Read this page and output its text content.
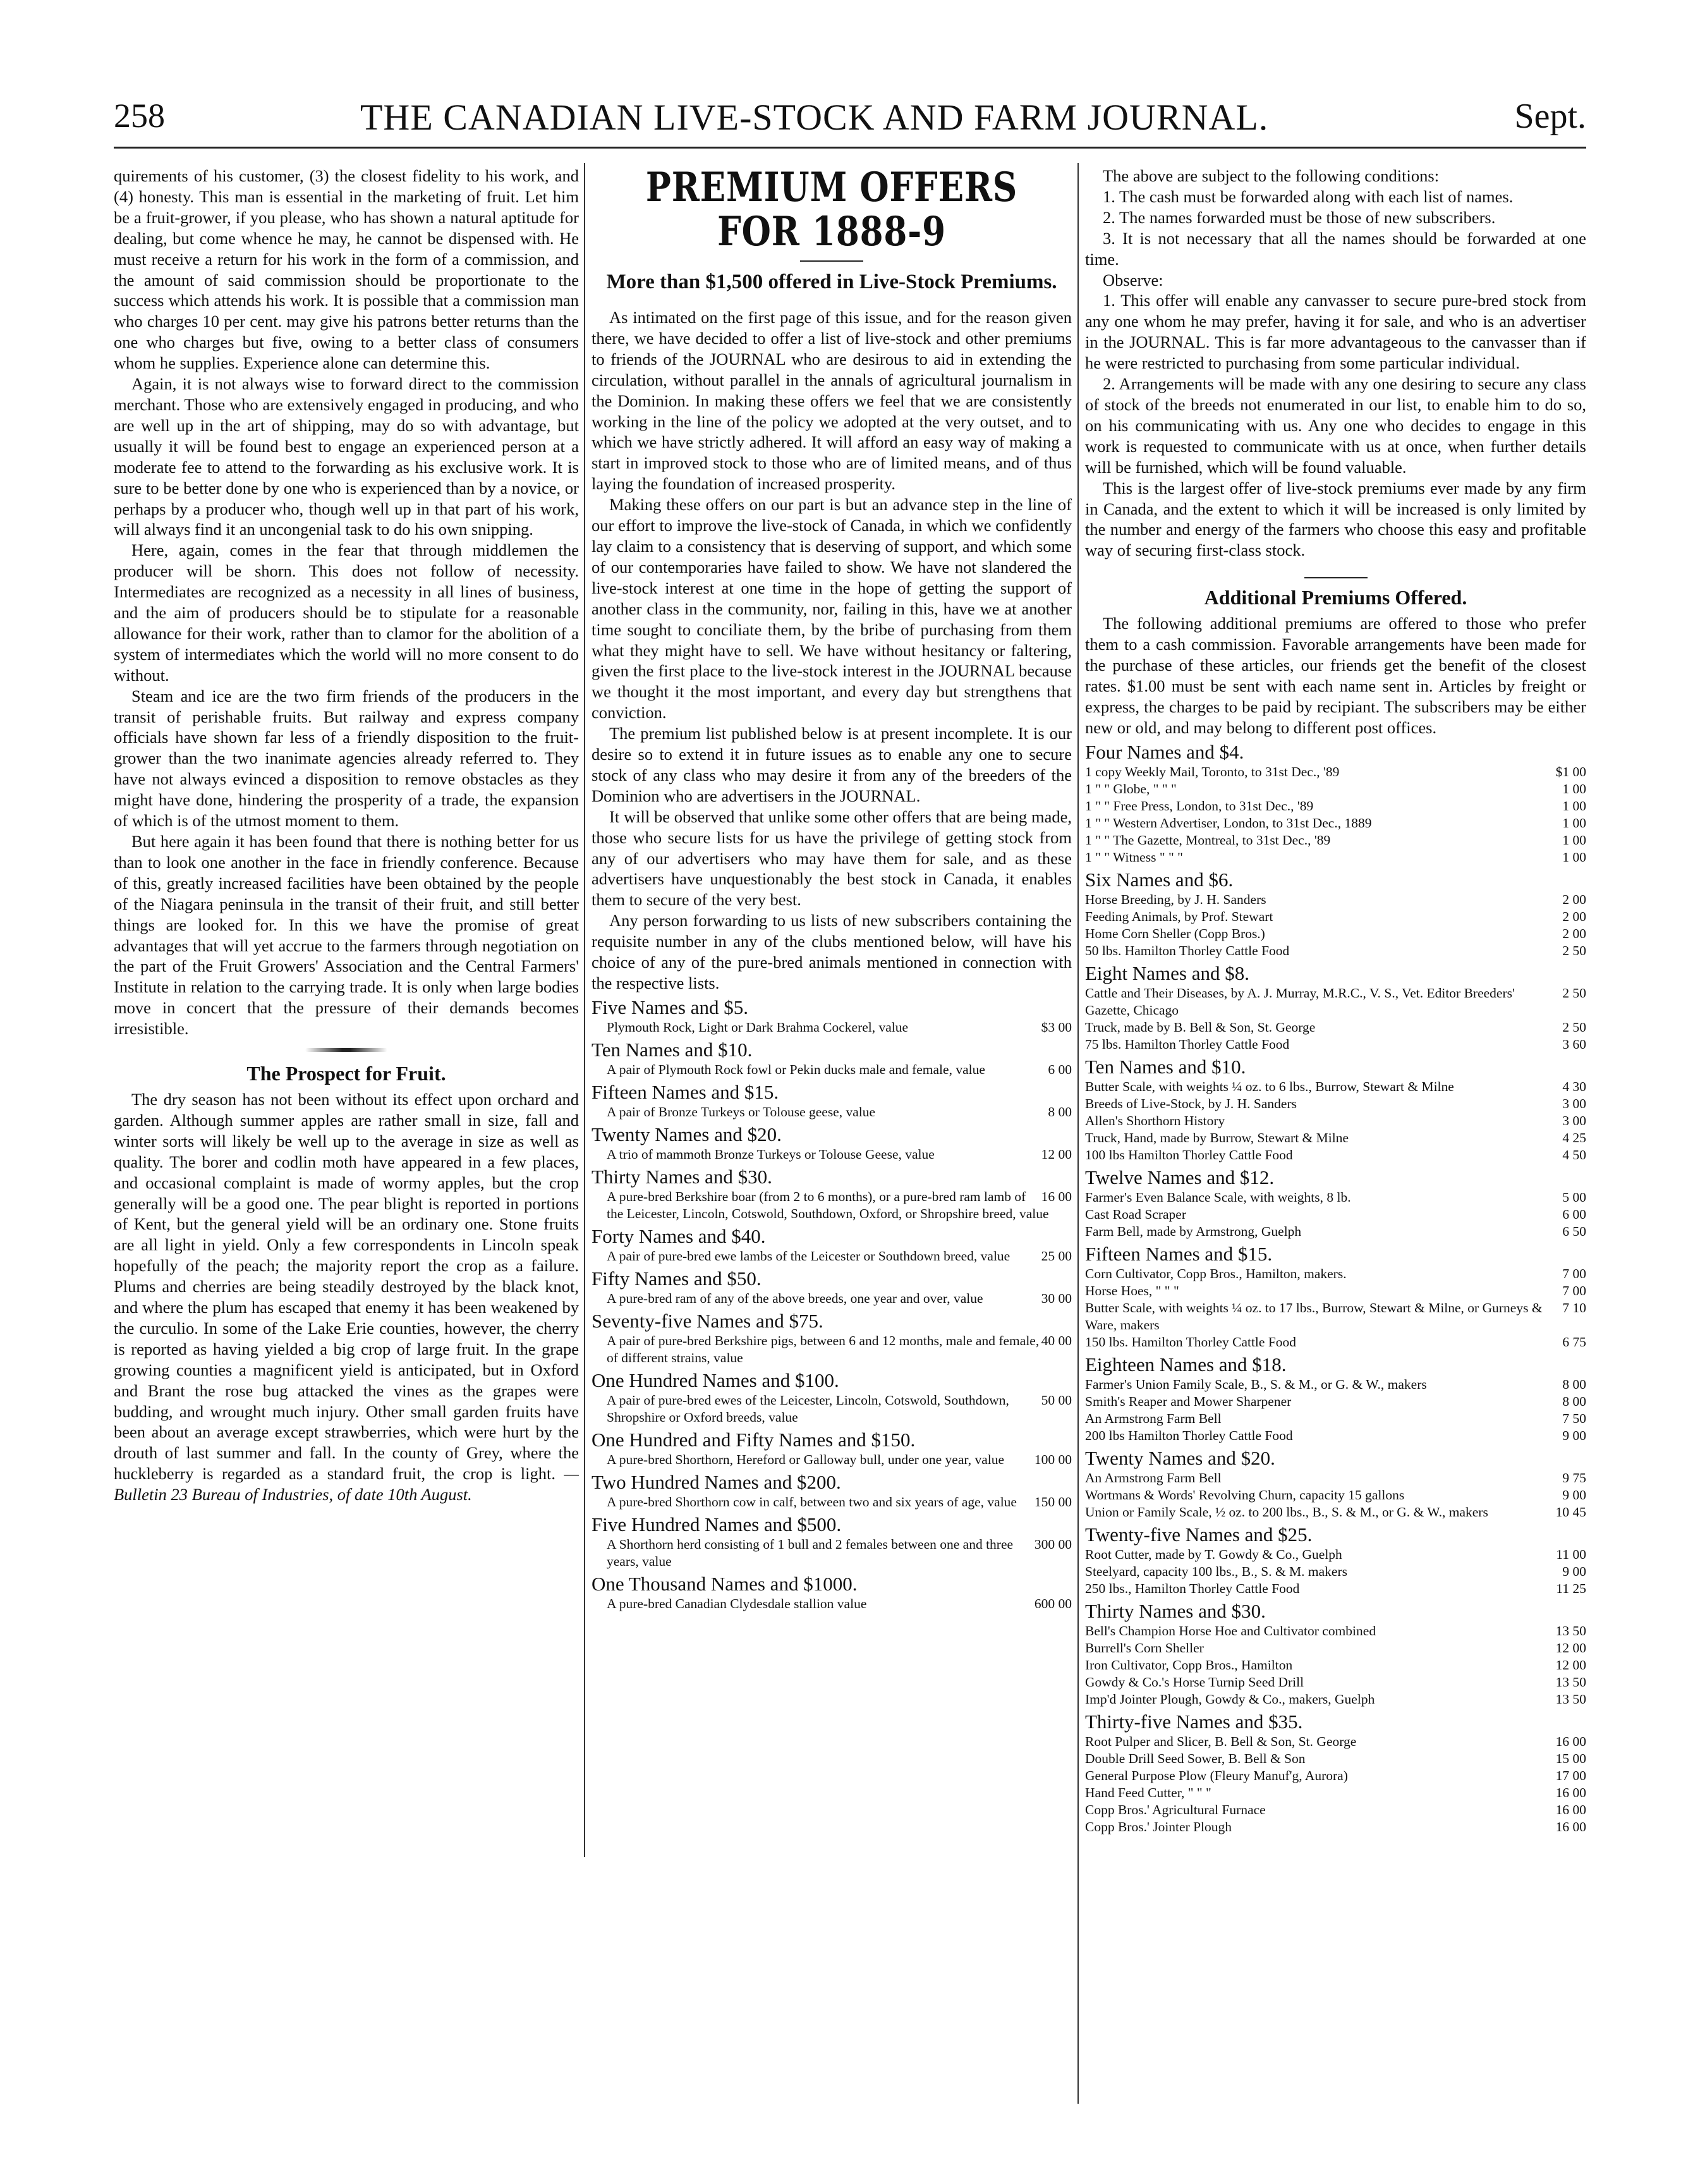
258	THE CANADIAN LIVE-STOCK AND FARM JOURNAL.	Sept.

quirements of his customer, (3) the closest fidelity to his work, and (4) honesty. This man is essential in the marketing of fruit. Let him be a fruit-grower, if you please, who has shown a natural aptitude for dealing, but come whence he may, he cannot be dispensed with. He must receive a return for his work in the form of a commission, and the amount of said commission should be proportionate to the success which attends his work. It is possible that a commission man who charges 10 per cent. may give his patrons better returns than the one who charges but five, owing to a better class of consumers whom he supplies. Experience alone can determine this.

Again, it is not always wise to forward direct to the commission merchant. Those who are extensively engaged in producing, and who are well up in the art of shipping, may do so with advantage, but usually it will be found best to engage an experienced person at a moderate fee to attend to the forwarding as his exclusive work. It is sure to be better done by one who is experienced than by a novice, or perhaps by a producer who, though well up in that part of his work, will always find it an uncongenial task to do his own snipping.

Here, again, comes in the fear that through middlemen the producer will be shorn. This does not follow of necessity. Intermediates are recognized as a necessity in all lines of business, and the aim of producers should be to stipulate for a reasonable allowance for their work, rather than to clamor for the abolition of a system of intermediates which the world will no more consent to do without.

Steam and ice are the two firm friends of the producers in the transit of perishable fruits. But railway and express company officials have shown far less of a friendly disposition to the fruit-grower than the two inanimate agencies already referred to. They have not always evinced a disposition to remove obstacles as they might have done, hindering the prosperity of a trade, the expansion of which is of the utmost moment to them.

But here again it has been found that there is nothing better for us than to look one another in the face in friendly conference. Because of this, greatly increased facilities have been obtained by the people of the Niagara peninsula in the transit of their fruit, and still better things are looked for. In this we have the promise of great advantages that will yet accrue to the farmers through negotiation on the part of the Fruit Growers' Association and the Central Farmers' Institute in relation to the carrying trade. It is only when large bodies move in concert that the pressure of their demands becomes irresistible.

The Prospect for Fruit.

The dry season has not been without its effect upon orchard and garden. Although summer apples are rather small in size, fall and winter sorts will likely be well up to the average in size as well as quality. The borer and codlin moth have appeared in a few places, and occasional complaint is made of wormy apples, but the crop generally will be a good one. The pear blight is reported in portions of Kent, but the general yield will be an ordinary one. Stone fruits are all light in yield. Only a few correspondents in Lincoln speak hopefully of the peach; the majority report the crop as a failure. Plums and cherries are being steadily destroyed by the black knot, and where the plum has escaped that enemy it has been weakened by the curculio. In some of the Lake Erie counties, however, the cherry is reported as having yielded a big crop of large fruit. In the grape growing counties a magnificent yield is anticipated, but in Oxford and Brant the rose bug attacked the vines as the grapes were budding, and wrought much injury. Other small garden fruits have been about an average except strawberries, which were hurt by the drouth of last summer and fall. In the county of Grey, where the huckleberry is regarded as a standard fruit, the crop is light. —Bulletin 23 Bureau of Industries, of date 10th August.

PREMIUM OFFERS FOR 1888-9
More than $1,500 offered in Live-Stock Premiums.

As intimated on the first page of this issue, and for the reason given there, we have decided to offer a list of live-stock and other premiums to friends of the JOURNAL who are desirous to aid in extending the circulation, without parallel in the annals of agricultural journalism in the Dominion. In making these offers we feel that we are consistently working in the line of the policy we adopted at the very outset, and to which we have strictly adhered. It will afford an easy way of making a start in improved stock to those who are of limited means, and of thus laying the foundation of increased prosperity.

Making these offers on our part is but an advance step in the line of our effort to improve the live-stock of Canada, in which we confidently lay claim to a consistency that is deserving of support, and which some of our contemporaries have failed to show. We have not slandered the live-stock interest at one time in the hope of getting the support of another class in the community, nor, failing in this, have we at another time sought to conciliate them, by the bribe of purchasing from them what they might have to sell. We have without hesitancy or faltering, given the first place to the live-stock interest in the JOURNAL because we thought it the most important, and every day but strengthens that conviction.

The premium list published below is at present incomplete. It is our desire so to extend it in future issues as to enable any one to secure stock of any class who may desire it from any of the breeders of the Dominion who are advertisers in the JOURNAL.

It will be observed that unlike some other offers that are being made, those who secure lists for us have the privilege of getting stock from any of our advertisers who may have them for sale, and as these advertisers have unquestionably the best stock in Canada, it enables them to secure of the very best.

Any person forwarding to us lists of new subscribers containing the requisite number in any of the clubs mentioned below, will have his choice of any of the pure-bred animals mentioned in connection with the respective lists.

Five Names and $5.
$3 00
Plymouth Rock, Light or Dark Brahma Cockerel, value
Ten Names and $10.
6 00
A pair of Plymouth Rock fowl or Pekin ducks male and female, value
Fifteen Names and $15.
8 00
A pair of Bronze Turkeys or Tolouse geese, value
Twenty Names and $20.
12 00
A trio of mammoth Bronze Turkeys or Tolouse Geese, value
Thirty Names and $30.
16 00
A pure-bred Berkshire boar (from 2 to 6 months), or a pure-bred ram lamb of the Leicester, Lincoln, Cotswold, Southdown, Oxford, or Shropshire breed, value
Forty Names and $40.
25 00
A pair of pure-bred ewe lambs of the Leicester or Southdown breed, value
Fifty Names and $50.
30 00
A pure-bred ram of any of the above breeds, one year and over, value
Seventy-five Names and $75.
40 00
A pair of pure-bred Berkshire pigs, between 6 and 12 months, male and female, of different strains, value
One Hundred Names and $100.
50 00
A pair of pure-bred ewes of the Leicester, Lincoln, Cotswold, Southdown, Shropshire or Oxford breeds, value
One Hundred and Fifty Names and $150.
100 00
A pure-bred Shorthorn, Hereford or Galloway bull, under one year, value
Two Hundred Names and $200.
150 00
A pure-bred Shorthorn cow in calf, between two and six years of age, value
Five Hundred Names and $500.
300 00
A Shorthorn herd consisting of 1 bull and 2 females between one and three years, value
One Thousand Names and $1000.
600 00
A pure-bred Canadian Clydesdale stallion value

The above are subject to the following conditions:

1. The cash must be forwarded along with each list of names.

2. The names forwarded must be those of new subscribers.

3. It is not necessary that all the names should be forwarded at one time.

Observe:

1. This offer will enable any canvasser to secure pure-bred stock from any one whom he may prefer, having it for sale, and who is an advertiser in the JOURNAL. This is far more advantageous to the canvasser than if he were restricted to purchasing from some particular individual.

2. Arrangements will be made with any one desiring to secure any class of stock of the breeds not enumerated in our list, to enable him to do so, on his communicating with us. Any one who decides to engage in this work is requested to communicate with us at once, when further details will be furnished, which will be found valuable.

This is the largest offer of live-stock premiums ever made by any firm in Canada, and the extent to which it will be increased is only limited by the number and energy of the farmers who choose this easy and profitable way of securing first-class stock.

Additional Premiums Offered.

The following additional premiums are offered to those who prefer them to a cash commission. Favorable arrangements have been made for the purchase of these articles, our friends get the benefit of the closest rates. $1.00 must be sent with each name sent in. Articles by freight or express, the charges to be paid by recipiant. The subscribers may be either new or old, and may belong to different post offices.

Four Names and $4.
$1 00
1 copy Weekly Mail, Toronto, to 31st Dec., '89
1 00
1 " " Globe, " " "
1 00
1 " " Free Press, London, to 31st Dec., '89
1 00
1 " " Western Advertiser, London, to 31st Dec., 1889
1 00
1 " " The Gazette, Montreal, to 31st Dec., '89
1 00
1 " " Witness " " "
Six Names and $6.
2 00
Horse Breeding, by J. H. Sanders
2 00
Feeding Animals, by Prof. Stewart
2 00
Home Corn Sheller (Copp Bros.)
2 50
50 lbs. Hamilton Thorley Cattle Food
Eight Names and $8.
2 50
Cattle and Their Diseases, by A. J. Murray, M.R.C., V. S., Vet. Editor Breeders' Gazette, Chicago
2 50
Truck, made by B. Bell & Son, St. George
3 60
75 lbs. Hamilton Thorley Cattle Food
Ten Names and $10.
4 30
Butter Scale, with weights ¼ oz. to 6 lbs., Burrow, Stewart & Milne
3 00
Breeds of Live-Stock, by J. H. Sanders
3 00
Allen's Shorthorn History
4 25
Truck, Hand, made by Burrow, Stewart & Milne
4 50
100 lbs Hamilton Thorley Cattle Food
Twelve Names and $12.
5 00
Farmer's Even Balance Scale, with weights, 8 lb.
6 00
Cast Road Scraper
6 50
Farm Bell, made by Armstrong, Guelph
Fifteen Names and $15.
7 00
Corn Cultivator, Copp Bros., Hamilton, makers.
7 00
Horse Hoes, " " "
7 10
Butter Scale, with weights ¼ oz. to 17 lbs., Burrow, Stewart & Milne, or Gurneys & Ware, makers
6 75
150 lbs. Hamilton Thorley Cattle Food
Eighteen Names and $18.
8 00
Farmer's Union Family Scale, B., S. & M., or G. & W., makers
8 00
Smith's Reaper and Mower Sharpener
7 50
An Armstrong Farm Bell
9 00
200 lbs Hamilton Thorley Cattle Food
Twenty Names and $20.
9 75
An Armstrong Farm Bell
9 00
Wortmans & Words' Revolving Churn, capacity 15 gallons
10 45
Union or Family Scale, ½ oz. to 200 lbs., B., S. & M., or G. & W., makers
Twenty-five Names and $25.
11 00
Root Cutter, made by T. Gowdy & Co., Guelph
9 00
Steelyard, capacity 100 lbs., B., S. & M. makers
11 25
250 lbs., Hamilton Thorley Cattle Food
Thirty Names and $30.
13 50
Bell's Champion Horse Hoe and Cultivator combined
12 00
Burrell's Corn Sheller
12 00
Iron Cultivator, Copp Bros., Hamilton
13 50
Gowdy & Co.'s Horse Turnip Seed Drill
13 50
Imp'd Jointer Plough, Gowdy & Co., makers, Guelph
Thirty-five Names and $35.
16 00
Root Pulper and Slicer, B. Bell & Son, St. George
15 00
Double Drill Seed Sower, B. Bell & Son
17 00
General Purpose Plow (Fleury Manuf'g, Aurora)
16 00
Hand Feed Cutter, " " "
16 00
Copp Bros.' Agricultural Furnace
16 00
Copp Bros.' Jointer Plough
